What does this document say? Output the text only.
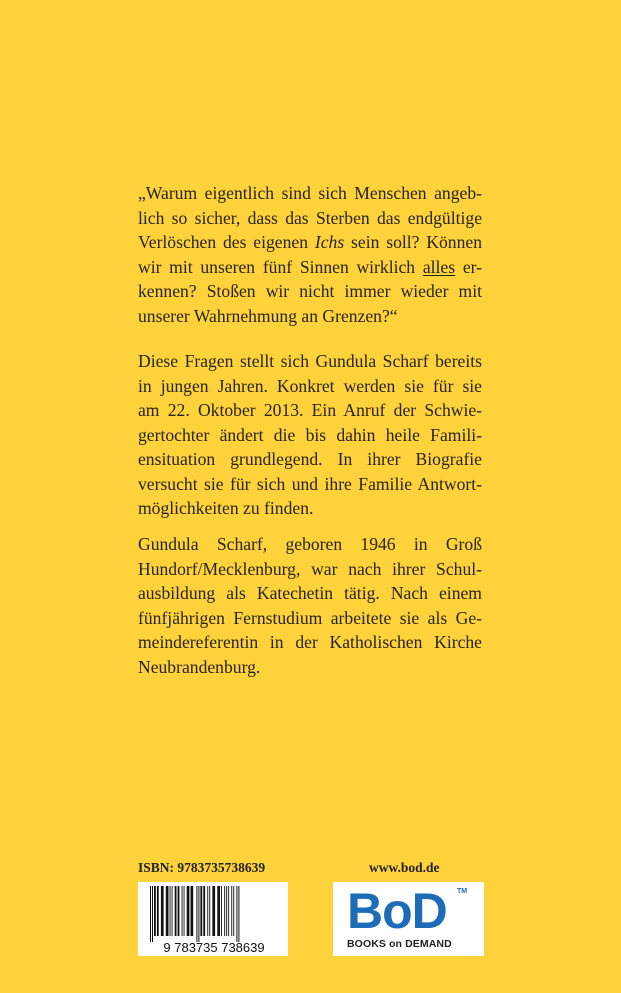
„Warum eigentlich sind sich Menschen angeb-
lich so sicher, dass das Sterben das endgültige
Verlöschen des eigenen Ichs sein soll? Können
wir mit unseren fünf Sinnen wirklich alles er-
kennen? Stoßen wir nicht immer wieder mit
unserer Wahrnehmung an Grenzen?“
Diese Fragen stellt sich Gundula Scharf bereits
in jungen Jahren. Konkret werden sie für sie
am 22. Oktober 2013. Ein Anruf der Schwie-
gertochter ändert die bis dahin heile Famili-
ensituation grundlegend. In ihrer Biografie
versucht sie für sich und ihre Familie Antwort-
möglichkeiten zu finden.
Gundula Scharf, geboren 1946 in Groß
Hundorf/Mecklenburg, war nach ihrer Schul-
ausbildung als Katechetin tätig. Nach einem
fünfjährigen Fernstudium arbeitete sie als Ge-
meindereferentin in der Katholischen Kirche
Neubrandenburg.
ISBN: 9783735738639	www.bod.de
9 783735 738639
BoD TM
BOOKS on DEMAND
